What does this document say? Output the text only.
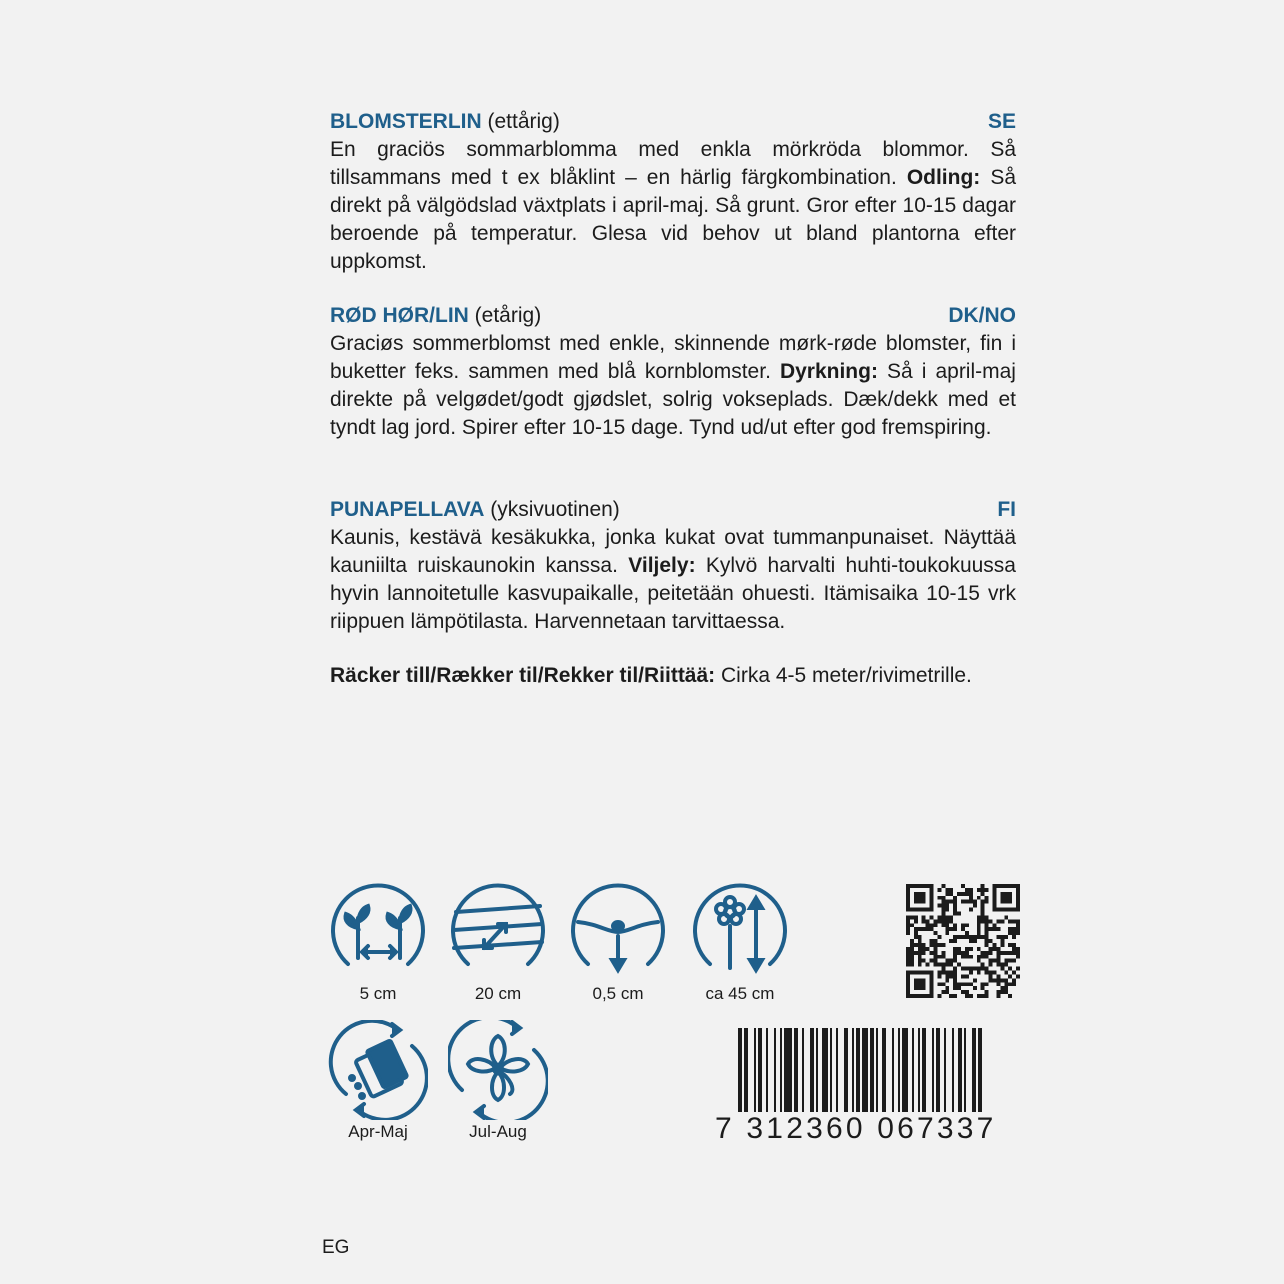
BLOMSTERLIN (ettårig)	SE
En graciös sommarblomma med enkla mörkröda blommor. Så tillsammans med t ex blåklint – en härlig färgkombination. Odling: Så direkt på välgödslad växtplats i april-maj. Så grunt. Gror efter 10-15 dagar beroende på temperatur. Glesa vid behov ut bland plantorna efter uppkomst.
RØD HØR/LIN (etårig)	DK/NO
Graciøs sommerblomst med enkle, skinnende mørk-røde blomster, fin i buketter feks. sammen med blå kornblomster. Dyrkning: Så i april-maj direkte på velgødet/godt gjødslet, solrig vokseplads. Dæk/dekk med et tyndt lag jord. Spirer efter 10-15 dage. Tynd ud/ut efter god fremspiring.
PUNAPELLAVA (yksivuotinen)	FI
Kaunis, kestävä kesäkukka, jonka kukat ovat tummanpunaiset. Näyttää kauniilta ruiskaunokin kanssa. Viljely: Kylvö harvalti huhti-toukokuussa hyvin lannoitetulle kasvupaikalle, peitetään ohuesti. Itämisaika 10-15 vrk riippuen lämpötilasta. Harvennetaan tarvittaessa.
Räcker till/Rækker til/Rekker til/Riittää: Cirka 4-5 meter/rivimetrille.
5 cm	20 cm	0,5 cm	ca 45 cm
Apr-Maj	Jul-Aug	7 312360 067337
EG
